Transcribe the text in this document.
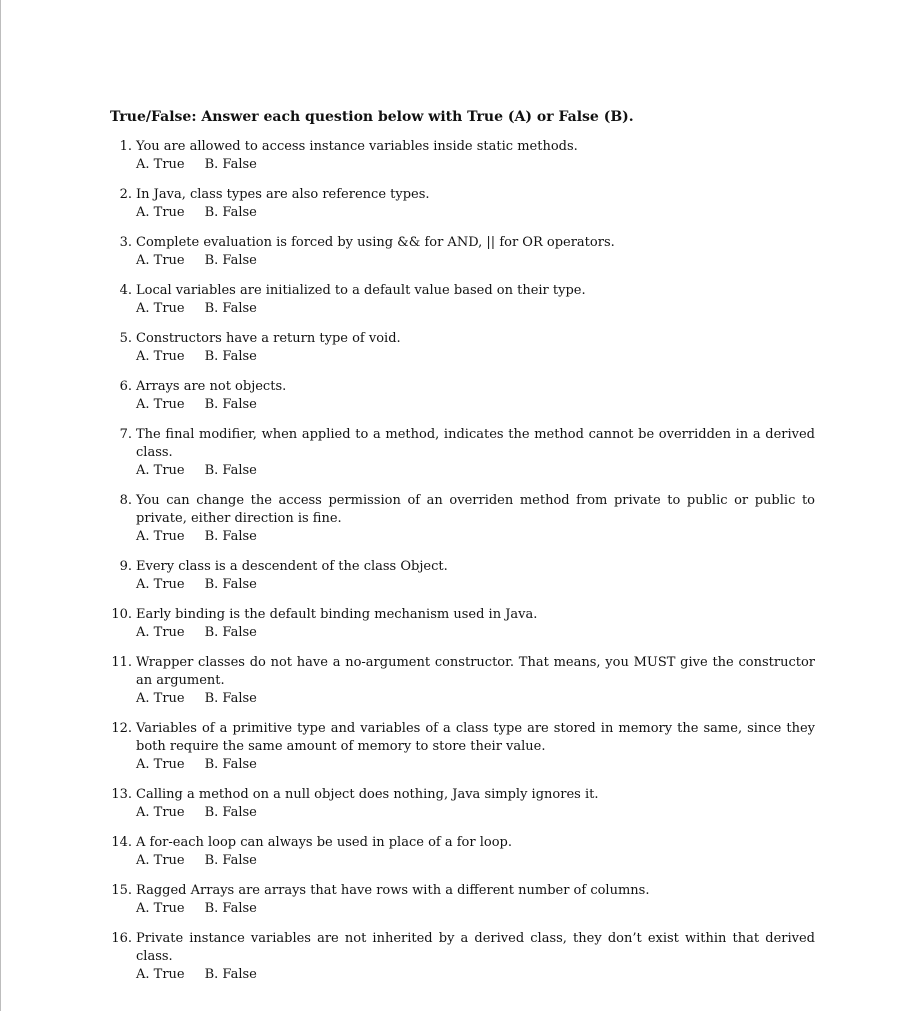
True/False: Answer each question below with True (A) or False (B).
1. You are allowed to access instance variables inside static methods.
A. True B. False
2. In Java, class types are also reference types.
A. True B. False
3. Complete evaluation is forced by using && for AND, || for OR operators.
A. True B. False
4. Local variables are initialized to a default value based on their type.
A. True B. False
5. Constructors have a return type of void.
A. True B. False
6. Arrays are not objects.
A. True B. False
7. The final modifier, when applied to a method, indicates the method cannot be overridden in a derived class.
A. True B. False
8. You can change the access permission of an overriden method from private to public or public to private, either direction is fine.
A. True B. False
9. Every class is a descendent of the class Object.
A. True B. False
10. Early binding is the default binding mechanism used in Java.
A. True B. False
11. Wrapper classes do not have a no-argument constructor. That means, you MUST give the constructor an argument.
A. True B. False
12. Variables of a primitive type and variables of a class type are stored in memory the same, since they both require the same amount of memory to store their value.
A. True B. False
13. Calling a method on a null object does nothing, Java simply ignores it.
A. True B. False
14. A for-each loop can always be used in place of a for loop.
A. True B. False
15. Ragged Arrays are arrays that have rows with a different number of columns.
A. True B. False
16. Private instance variables are not inherited by a derived class, they don’t exist within that derived class.
A. True B. False
